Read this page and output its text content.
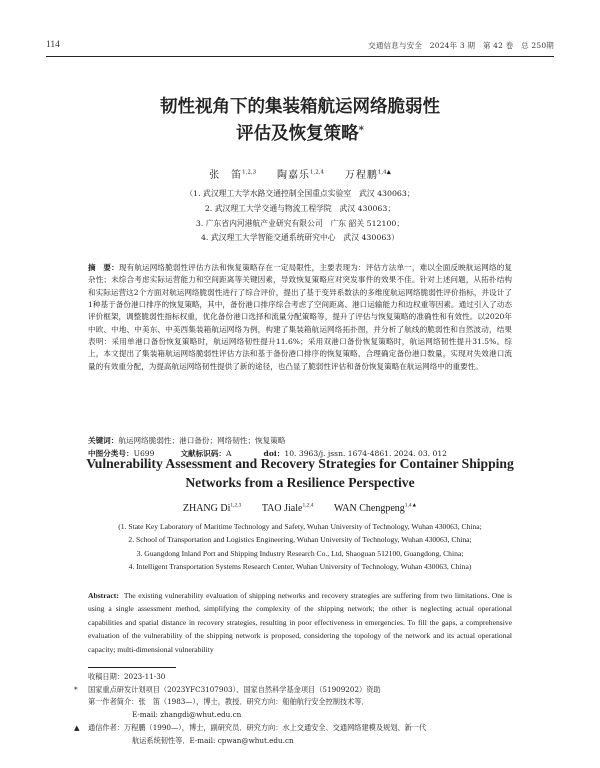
114	交通信息与安全　2024年 3 期　第 42 卷　总 250期
韧性视角下的集装箱航运网络脆弱性
评估及恢复策略*
张　笛$^{1,2,3}$ 陶嘉乐$^{1,2,4}$ 万程鹏$^{1,4▲}$
（1. 武汉理工大学水路交通控制全国重点实验室　武汉 430063；
2. 武汉理工大学交通与物流工程学院　武汉 430063；
3. 广东省内河港航产业研究有限公司　广东 韶关 512100；
4. 武汉理工大学智能交通系统研究中心　武汉 430063）
摘　要：现有航运网络脆弱性评估方法和恢复策略存在一定局限性，主要表现为：评估方法单一，难以全面反映航运网络的复杂性；未综合考虑实际运营能力和空间距离等关键因素，导致恢复策略应对突发事件的效果不佳。针对上述问题，从拓扑结构和实际运营这2个方面对航运网络脆弱性进行了综合评价，提出了基于变异系数法的多维度航运网络脆弱性评价指标，并设计了1种基于备份港口排序的恢复策略，其中，备份港口排序综合考虑了空间距离、港口运输能力和边权重等因素。通过引入了动态评价框架，调整脆弱性指标权重，优化备份港口选择和流量分配策略等，提升了评估与恢复策略的准确性和有效性。以2020年中欧、中地、中美东、中美西集装箱航运网络为例，构建了集装箱航运网络拓扑图，并分析了航线的脆弱性和自然波动，结果表明：采用单港口备份恢复策略时，航运网络韧性提升11.6%；采用双港口备份恢复策略时，航运网络韧性提升31.5%。综上，本文提出了集装箱航运网络脆弱性评估方法和基于备份港口排序的恢复策略，合理确定备份港口数量，实现对失效港口流量的有效重分配，为提高航运网络韧性提供了新的途径，也凸显了脆弱性评估和备份恢复策略在航运网络中的重要性。
关键词：航运网络脆弱性；港口备份；网络韧性；恢复策略
中图分类号：U699	文献标识码：A	doi：10. 3963/j. jssn. 1674-4861. 2024. 03. 012
Vulnerability Assessment and Recovery Strategies for Container Shipping
Networks from a Resilience Perspective
ZHANG Di$^{1,2,3}$ TAO Jiale$^{1,2,4}$ WAN Chengpeng$^{1,4▲}$
(1. State Key Laboratory of Maritime Technology and Safety, Wuhan University of Technology, Wuhan 430063, China;
2. School of Transportation and Logistics Engineering, Wuhan University of Technology, Wuhan 430063, China;
3. Guangdong Inland Port and Shipping Industry Research Co., Ltd, Shaoguan 512100, Guangdong, China;
4. Intelligent Transportation Systems Research Center, Wuhan University of Technology, Wuhan 430063, China)
Abstract: The existing vulnerability evaluation of shipping networks and recovery strategies are suffering from two limitations. One is using a single assessment method, simplifying the complexity of the shipping network; the other is neglecting actual operational capabilities and spatial distance in recovery strategies, resulting in poor effectiveness in emergencies. To fill the gaps, a comprehensive evaluation of the vulnerability of the shipping network is proposed, considering the topology of the network and its actual operational capacity; multi-dimensional vulnerability
收稿日期：2023-11-30
* 国家重点研发计划项目（2023YFC3107903）、国家自然科学基金项目（51909202）资助
第一作者简介：张　笛（1983—），博士，教授．研究方向：船舶航行安全控制技术等．
E-mail: zhangdi@whut.edu.cn
▲ 通信作者：万程鹏（1990—），博士，副研究员．研究方向：水上交通安全、交通网络建模及规划、新一代
航运系统韧性等．E-mail: cpwan@whut.edu.cn
